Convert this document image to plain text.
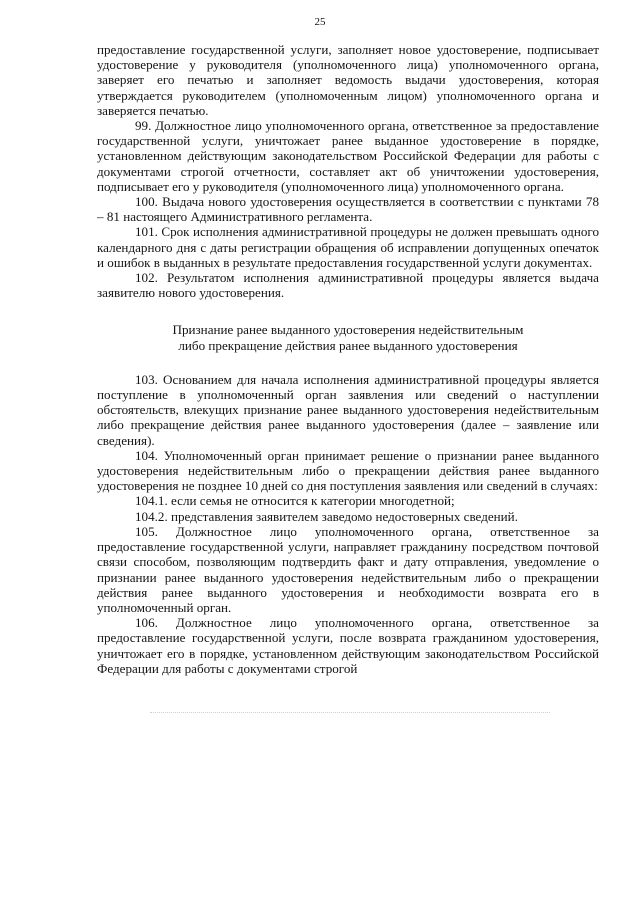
25

предоставление государственной услуги, заполняет новое удостоверение, подписывает удостоверение у руководителя (уполномоченного лица) уполномоченного органа, заверяет его печатью и заполняет ведомость выдачи удостоверения, которая утверждается руководителем (уполномоченным лицом) уполномоченного органа и заверяется печатью.

99. Должностное лицо уполномоченного органа, ответственное за предоставление государственной услуги, уничтожает ранее выданное удостоверение в порядке, установленном действующим законодательством Российской Федерации для работы с документами строгой отчетности, составляет акт об уничтожении удостоверения, подписывает его у руководителя (уполномоченного лица) уполномоченного органа.

100. Выдача нового удостоверения осуществляется в соответствии с пунктами 78 – 81 настоящего Административного регламента.

101. Срок исполнения административной процедуры не должен превышать одного календарного дня с даты регистрации обращения об исправлении допущенных опечаток и ошибок в выданных в результате предоставления государственной услуги документах.

102. Результатом исполнения административной процедуры является выдача заявителю нового удостоверения.

Признание ранее выданного удостоверения недействительным
либо прекращение действия ранее выданного удостоверения

103. Основанием для начала исполнения административной процедуры является поступление в уполномоченный орган заявления или сведений о наступлении обстоятельств, влекущих признание ранее выданного удостоверения недействительным либо прекращение действия ранее выданного удостоверения (далее – заявление или сведения).

104. Уполномоченный орган принимает решение о признании ранее выданного удостоверения недействительным либо о прекращении действия ранее выданного удостоверения не позднее 10 дней со дня поступления заявления или сведений в случаях:

104.1. если семья не относится к категории многодетной;

104.2. представления заявителем заведомо недостоверных сведений.

105. Должностное лицо уполномоченного органа, ответственное за предоставление государственной услуги, направляет гражданину посредством почтовой связи способом, позволяющим подтвердить факт и дату отправления, уведомление о признании ранее выданного удостоверения недействительным либо о прекращении действия ранее выданного удостоверения и необходимости возврата его в уполномоченный орган.

106. Должностное лицо уполномоченного органа, ответственное за предоставление государственной услуги, после возврата гражданином удостоверения, уничтожает его в порядке, установленном действующим законодательством Российской Федерации для работы с документами строгой
